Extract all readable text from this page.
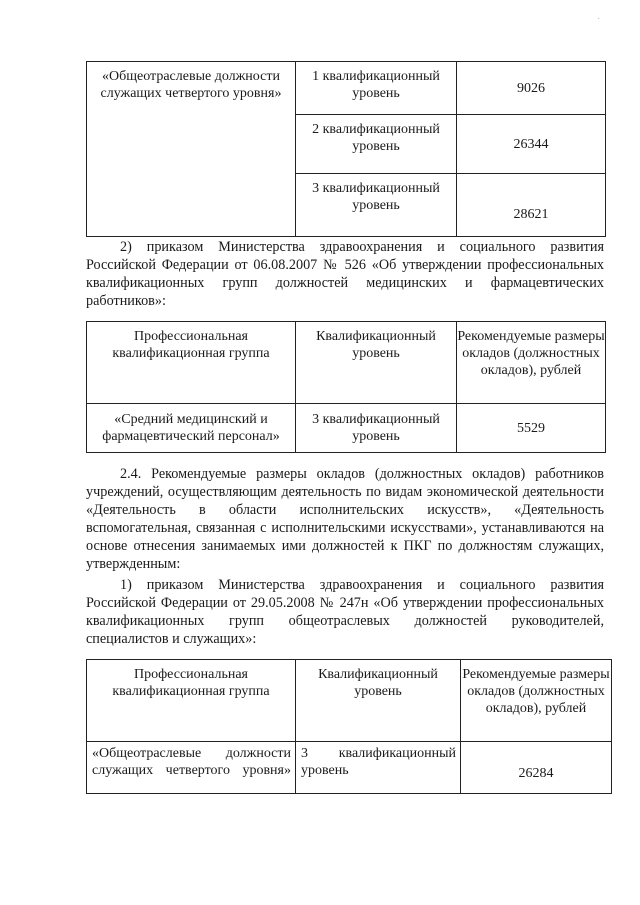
·
«Общеотраслевые должности служащих четвертого уровня»	1 квалификационный уровень	9026
	2 квалификационный уровень	26344
	3 квалификационный уровень	28621

2) приказом Министерства здравоохранения и социального развития Российской Федерации от 06.08.2007 № 526 «Об утверждении профессиональных квалификационных групп должностей медицинских и фармацевтических работников»:

Профессиональная квалификационная группа	Квалификационный уровень	Рекомендуемые размеры окладов (должностных окладов), рублей
«Средний медицинский и фармацевтический персонал»	3 квалификационный уровень	5529

2.4. Рекомендуемые размеры окладов (должностных окладов) работников учреждений, осуществляющим деятельность по видам экономической деятельности «Деятельность в области исполнительских искусств», «Деятельность вспомогательная, связанная с исполнительскими искусствами», устанавливаются на основе отнесения занимаемых ими должностей к ПКГ по должностям служащих, утвержденным:

1) приказом Министерства здравоохранения и социального развития Российской Федерации от 29.05.2008 № 247н «Об утверждении профессиональных квалификационных групп общеотраслевых должностей руководителей, специалистов и служащих»:

Профессиональная квалификационная группа	Квалификационный уровень	Рекомендуемые размеры окладов (должностных окладов), рублей
«Общеотраслевые должности служащих четвертого уровня»	3 квалификационный уровень	26284
